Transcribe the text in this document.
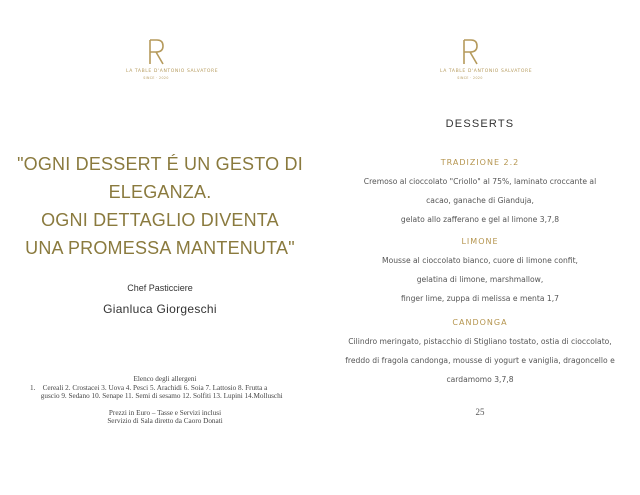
LA TABLE D'ANTONIO SALVATORE
SINCE · 2020
"OGNI DESSERT É UN GESTO DI
ELEGANZA.
OGNI DETTAGLIO DIVENTA
UNA PROMESSA MANTENUTA"
Chef Pasticciere
Gianluca Giorgeschi
Elenco degli allergeni
1.    Cereali 2. Crostacei 3. Uova 4. Pesci 5. Arachidi 6. Soia 7. Lattosio 8. Frutta a
guscio 9. Sedano 10. Senape 11. Semi di sesamo 12. Solfiti 13. Lupini 14.Molluschi
Prezzi in Euro – Tasse e Servizi inclusi
Servizio di Sala diretto da Caoro Donati
LA TABLE D'ANTONIO SALVATORE
SINCE · 2020
DESSERTS
TRADIZIONE 2.2
Cremoso al cioccolato "Criollo" al 75%, laminato croccante al
cacao, ganache di Gianduja,
gelato allo zafferano e gel al limone 3,7,8
LIMONE
Mousse al cioccolato bianco, cuore di limone confit,
gelatina di limone, marshmallow,
finger lime, zuppa di melissa e menta 1,7
CANDONGA
Cilindro meringato, pistacchio di Stigliano tostato, ostia di cioccolato,
freddo di fragola candonga, mousse di yogurt e vaniglia, dragoncello e
cardamomo 3,7,8
25
